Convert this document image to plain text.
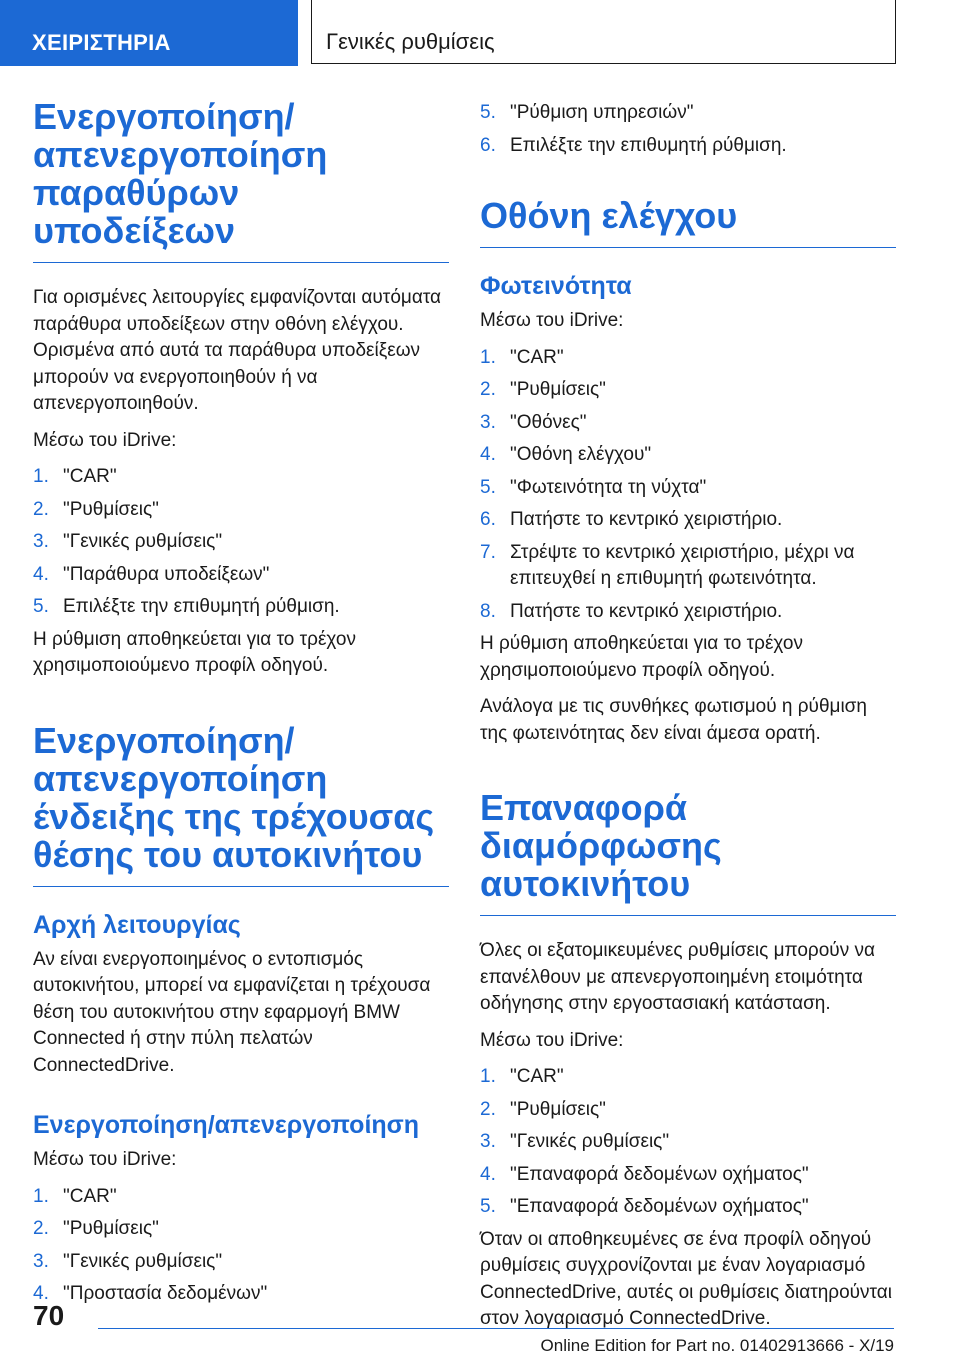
ΧΕΙΡΙΣΤΗΡΙΑ	Γενικές ρυθμίσεις
Ενεργοποίηση/απενεργοποίηση παραθύρων υποδείξεων

Για ορισμένες λειτουργίες εμφανίζονται αυτόματα παράθυρα υποδείξεων στην οθόνη ελέγχου. Ορισμένα από αυτά τα παράθυρα υποδείξεων μπορούν να ενεργοποιηθούν ή να απενεργοποιηθούν.

Μέσω του iDrive:

1. "CAR"
2. "Ρυθμίσεις"
3. "Γενικές ρυθμίσεις"
4. "Παράθυρα υποδείξεων"
5. Επιλέξτε την επιθυμητή ρύθμιση.

Η ρύθμιση αποθηκεύεται για το τρέχον χρησιμοποιούμενο προφίλ οδηγού.

Ενεργοποίηση/απενεργοποίηση ένδειξης της τρέχουσας θέσης του αυτοκινήτου
Αρχή λειτουργίας

Αν είναι ενεργοποιημένος ο εντοπισμός αυτοκινήτου, μπορεί να εμφανίζεται η τρέχουσα θέση του αυτοκινήτου στην εφαρμογή BMW Connected ή στην πύλη πελατών ConnectedDrive.

Ενεργοποίηση/απενεργοποίηση

Μέσω του iDrive:

1. "CAR"
2. "Ρυθμίσεις"
3. "Γενικές ρυθμίσεις"
4. "Προστασία δεδομένων"
5. "Ρύθμιση υπηρεσιών"
6. Επιλέξτε την επιθυμητή ρύθμιση.
Οθόνη ελέγχου
Φωτεινότητα

Μέσω του iDrive:

1. "CAR"
2. "Ρυθμίσεις"
3. "Οθόνες"
4. "Οθόνη ελέγχου"
5. "Φωτεινότητα τη νύχτα"
6. Πατήστε το κεντρικό χειριστήριο.
7. Στρέψτε το κεντρικό χειριστήριο, μέχρι να επιτευχθεί η επιθυμητή φωτεινότητα.
8. Πατήστε το κεντρικό χειριστήριο.

Η ρύθμιση αποθηκεύεται για το τρέχον χρησιμοποιούμενο προφίλ οδηγού.

Ανάλογα με τις συνθήκες φωτισμού η ρύθμιση της φωτεινότητας δεν είναι άμεσα ορατή.

Επαναφορά διαμόρφωσης αυτοκινήτου

Όλες οι εξατομικευμένες ρυθμίσεις μπορούν να επανέλθουν με απενεργοποιημένη ετοιμότητα οδήγησης στην εργοστασιακή κατάσταση.

Μέσω του iDrive:

1. "CAR"
2. "Ρυθμίσεις"
3. "Γενικές ρυθμίσεις"
4. "Επαναφορά δεδομένων οχήματος"
5. "Επαναφορά δεδομένων οχήματος"

Όταν οι αποθηκευμένες σε ένα προφίλ οδηγού ρυθμίσεις συγχρονίζονται με έναν λογαριασμό ConnectedDrive, αυτές οι ρυθμίσεις διατηρούνται στον λογαριασμό ConnectedDrive.

70
Online Edition for Part no. 01402913666 - X/19
